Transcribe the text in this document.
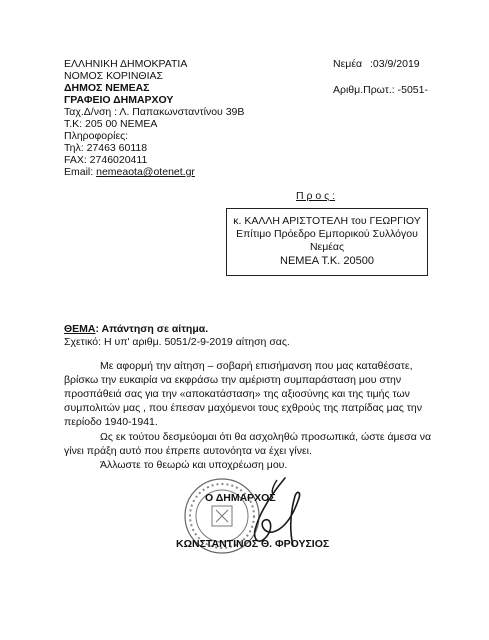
ΕΛΛΗΝΙΚΗ ΔΗΜΟΚΡΑΤΙΑ
ΝΟΜΟΣ ΚΟΡΙΝΘΙΑΣ
ΔΗΜΟΣ ΝΕΜΕΑΣ
ΓΡΑΦΕΙΟ ΔΗΜΑΡΧΟΥ
Ταχ.Δ/νση : Λ. Παπακωνσταντίνου 39Β
Τ.Κ: 205 00 ΝΕΜΕΑ
Πληροφορίες:
Τηλ: 27463 60118
FAX: 2746020411
Email: nemeaota@otenet.gr
Νεμέα :03/9/2019
Αριθμ.Πρωτ.: -5051-
Π ρ ο ς :
κ. ΚΑΛΛΗ ΑΡΙΣΤΟΤΕΛΗ του ΓΕΩΡΓΙΟΥ
Επίτιμο Πρόεδρο Εμπορικού Συλλόγου
Νεμέας
ΝΕΜΕΑ Τ.Κ. 20500
ΘΕΜΑ: Απάντηση σε αίτημα.
Σχετικό: Η υπ' αριθμ. 5051/2-9-2019 αίτηση σας.
Με αφορμή την αίτηση – σοβαρή επισήμανση που μας καταθέσατε,
βρίσκω την ευκαιρία να εκφράσω την αμέριστη συμπαράσταση μου στην
προσπάθειά σας για την «αποκατάσταση» της αξιοσύνης και της τιμής των
συμπολιτών μας , που έπεσαν μαχόμενοι τους εχθρούς της πατρίδας μας την
περίοδο 1940-1941.
Ως εκ τούτου δεσμεύομαι ότι θα ασχοληθώ προσωπικά, ώστε άμεσα να
γίνει πράξη αυτό που έπρεπε αυτονόητα να έχει γίνει.
Άλλωστε το θεωρώ και υποχρέωση μου.
Ο ΔΗΜΑΡΧΟΣ
ΚΩΝΣΤΑΝΤΙΝΟΣ Θ. ΦΡΟΥΣΙΟΣ
